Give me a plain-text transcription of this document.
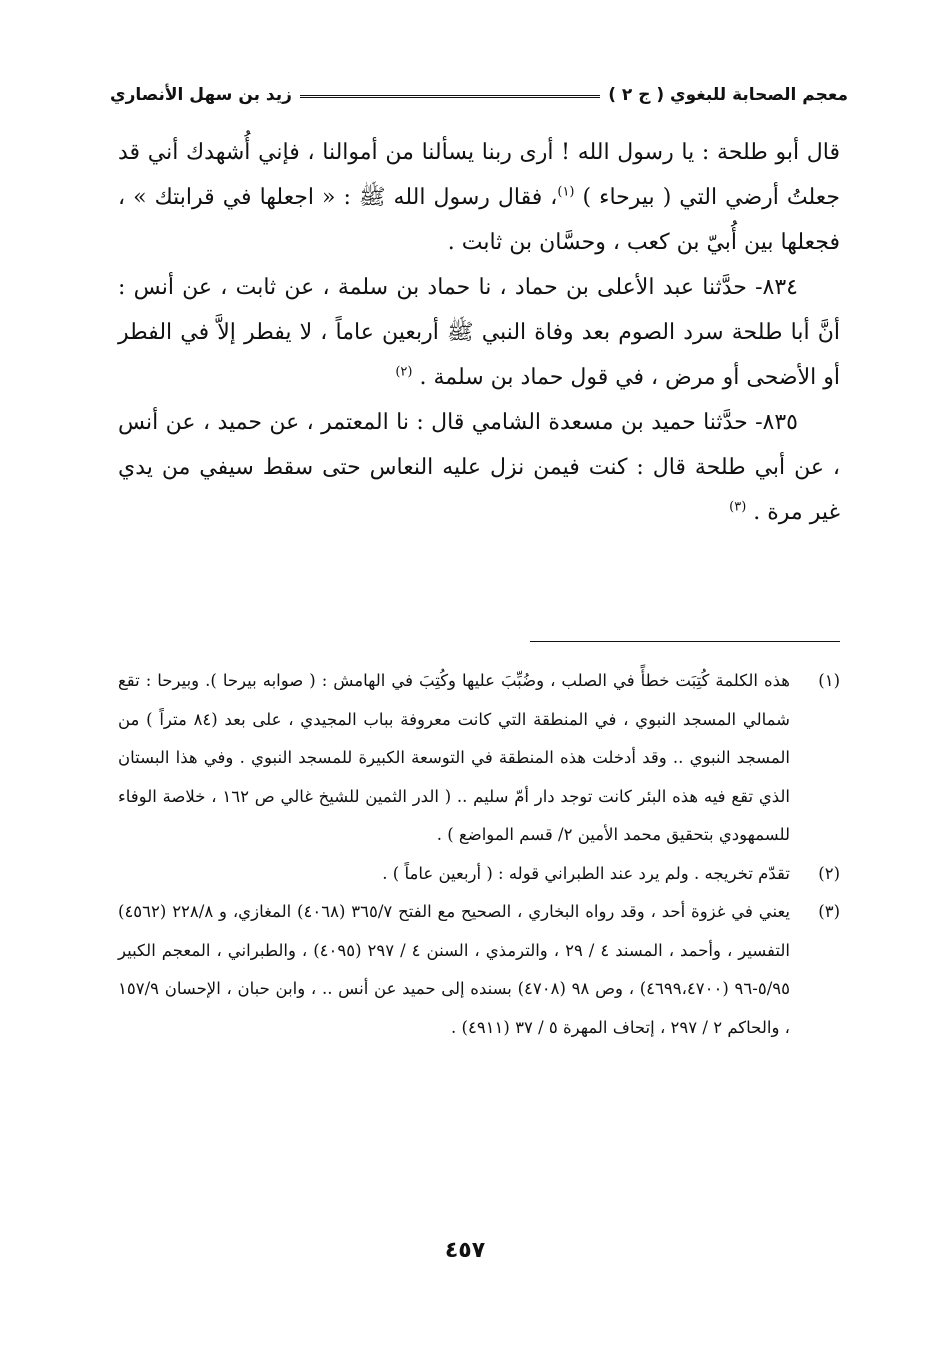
معجم الصحابة للبغوي ( ج ٢ )
زيد بن سهل الأنصاري

قال أبو طلحة : يا رسول الله ! أرى ربنا يسألنا من أموالنا ، فإني أُشهدك أني قد جعلتُ أرضي التي ( بيرحاء ) $^{(١)}$، فقال رسول الله ﷺ : « اجعلها في قرابتك » ، فجعلها بين أُبيّ بن كعب ، وحسَّان بن ثابت .

٨٣٤- حدَّثنا عبد الأعلى بن حماد ، نا حماد بن سلمة ، عن ثابت ، عن أنس : أنَّ أبا طلحة سرد الصوم بعد وفاة النبي ﷺ أربعين عاماً ، لا يفطر إلاَّ في الفطر أو الأضحى أو مرض ، في قول حماد بن سلمة . $^{(٢)}$

٨٣٥- حدَّثنا حميد بن مسعدة الشامي قال : نا المعتمر ، عن حميد ، عن أنس ، عن أبي طلحة قال : كنت فيمن نزل عليه النعاس حتى سقط سيفي من يدي غير مرة . $^{(٣)}$

(١)
هذه الكلمة كُتِبَت خطأً في الصلب ، وضُبِّبَ عليها وكُتِبَ في الهامش : ( صوابه بيرحا ). وبيرحا : تقع شمالي المسجد النبوي ، في المنطقة التي كانت معروفة بباب المجيدي ، على بعد (٨٤ متراً ) من المسجد النبوي .. وقد أدخلت هذه المنطقة في التوسعة الكبيرة للمسجد النبوي . وفي هذا البستان الذي تقع فيه هذه البئر كانت توجد دار أمّ سليم .. ( الدر الثمين للشيخ غالي ص ١٦٢ ، خلاصة الوفاء للسمهودي بتحقيق محمد الأمين ٢/ قسم المواضع ) .
(٢)
تقدّم تخريجه . ولم يرد عند الطبراني قوله : ( أربعين عاماً ) .
(٣)
يعني في غزوة أحد ، وقد رواه البخاري ، الصحيح مع الفتح ٣٦٥/٧ (٤٠٦٨) المغازي، و ٢٢٨/٨ (٤٥٦٢) التفسير ، وأحمد ، المسند ٤ / ٢٩ ، والترمذي ، السنن ٤ / ٢٩٧ (٤٠٩٥) ، والطبراني ، المعجم الكبير ٥/٩٥-٩٦ (٤٦٩٩،٤٧٠٠) ، وص ٩٨ (٤٧٠٨) بسنده إلى حميد عن أنس .. ، وابن حبان ، الإحسان ١٥٧/٩ ، والحاكم ٢ / ٢٩٧ ، إتحاف المهرة ٥ / ٣٧ (٤٩١١) .
٤٥٧
